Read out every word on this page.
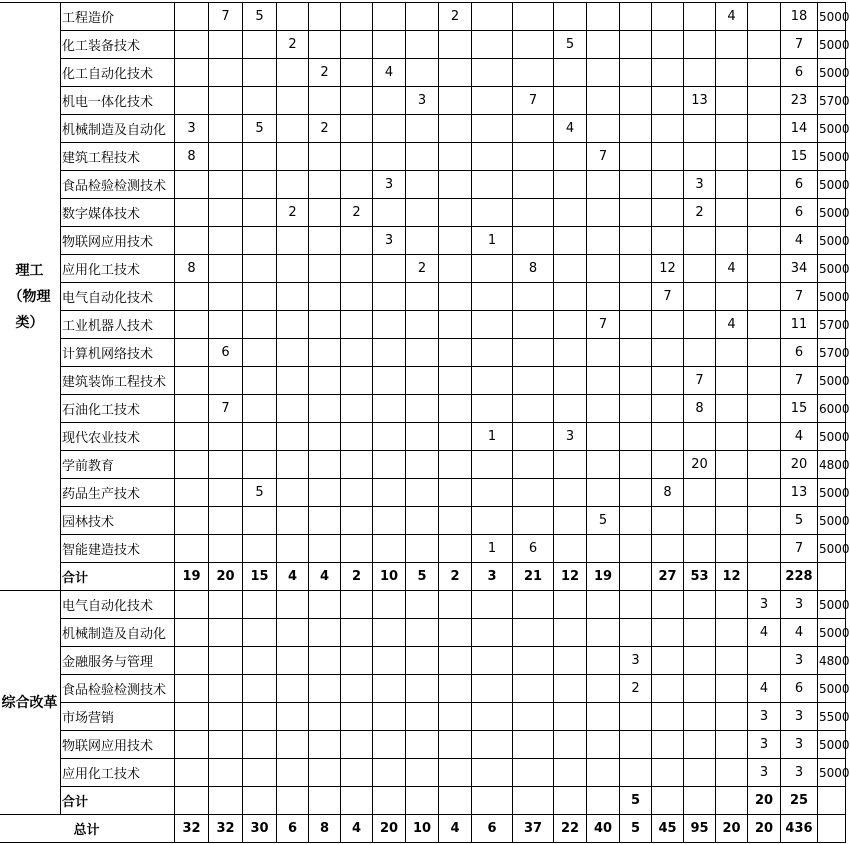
理工
（物理
类）	工程造价		7	5						2								4		18	5000
	化工装备技术				2								5							7	5000
	化工自动化技术					2		4												6	5000
	机电一体化技术								3			7					13			23	5700
	机械制造及自动化	3		5		2							4							14	5000
	建筑工程技术	8												7						15	5000
	食品检验检测技术							3									3			6	5000
	数字媒体技术				2		2										2			6	5000
	物联网应用技术							3			1									4	5000
	应用化工技术	8							2			8				12		4		34	5000
	电气自动化技术															7				7	5000
	工业机器人技术													7				4		11	5700
	计算机网络技术		6																	6	5700
	建筑装饰工程技术																7			7	5000
	石油化工技术		7														8			15	6000
	现代农业技术										1		3							4	5000
	学前教育																20			20	4800
	药品生产技术			5												8				13	5000
	园林技术													5						5	5000
	智能建造技术										1	6								7	5000
	合计	19	20	15	4	4	2	10	5	2	3	21	12	19		27	53	12		228	

综合改革	电气自动化技术																		3	3	5000
	机械制造及自动化																		4	4	5000
	金融服务与管理														3					3	4800
	食品检验检测技术														2				4	6	5000
	市场营销																		3	3	5500
	物联网应用技术																		3	3	5000
	应用化工技术																		3	3	5000
	合计														5				20	25	
总计		32	32	30	6	8	4	20	10	4	6	37	22	40	5	45	95	20	20	436	
